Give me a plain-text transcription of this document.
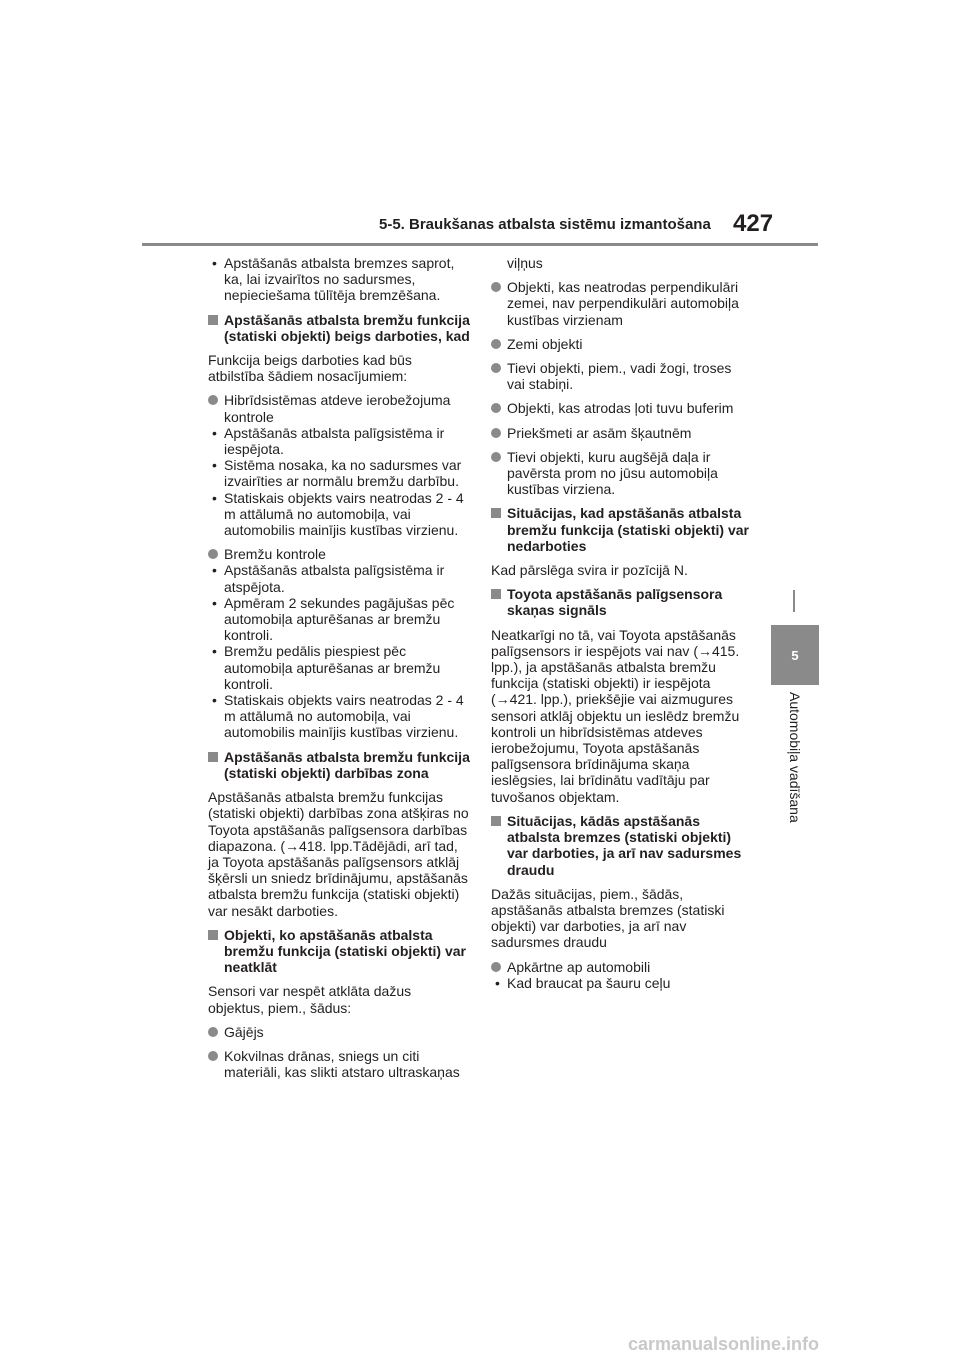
5-5. Braukšanas atbalsta sistēmu izmantošana 427
5
Automobiļa vadīšana
• Apstāšanās atbalsta bremzes saprot, ka, lai izvairītos no sadursmes, nepieciešama tūlītēja bremzēšana.
Apstāšanās atbalsta bremžu funkcija (statiski objekti) beigs darboties, kad

Funkcija beigs darboties kad būs atbilstība šādiem nosacījumiem:

Hibrīdsistēmas atdeve ierobežojuma kontrole
• Apstāšanās atbalsta palīgsistēma ir iespējota.
• Sistēma nosaka, ka no sadursmes var izvairīties ar normālu bremžu darbību.
• Statiskais objekts vairs neatrodas 2 - 4 m attālumā no automobiļa, vai automobilis mainījis kustības virzienu.
Bremžu kontrole
• Apstāšanās atbalsta palīgsistēma ir atspējota.
• Apmēram 2 sekundes pagājušas pēc automobiļa apturēšanas ar bremžu kontroli.
• Bremžu pedālis piespiest pēc automobiļa apturēšanas ar bremžu kontroli.
• Statiskais objekts vairs neatrodas 2 - 4 m attālumā no automobiļa, vai automobilis mainījis kustības virzienu.
Apstāšanās atbalsta bremžu funkcija (statiski objekti) darbības zona

Apstāšanās atbalsta bremžu funkcijas (statiski objekti) darbības zona atšķiras no Toyota apstāšanās palīgsensora darbības diapazona. (→418. lpp.Tādējādi, arī tad, ja Toyota apstāšanās palīgsensors atklāj šķērsli un sniedz brīdinājumu, apstāšanās atbalsta bremžu funkcija (statiski objekti) var nesākt darboties.

Objekti, ko apstāšanās atbalsta bremžu funkcija (statiski objekti) var neatklāt

Sensori var nespēt atklāta dažus objektus, piem., šādus:

Gājējs
Kokvilnas drānas, sniegs un citi materiāli, kas slikti atstaro ultraskaņas
viļņus
Objekti, kas neatrodas perpendikulāri zemei, nav perpendikulāri automobiļa kustības virzienam
Zemi objekti
Tievi objekti, piem., vadi žogi, troses vai stabiņi.
Objekti, kas atrodas ļoti tuvu buferim
Priekšmeti ar asām šķautnēm
Tievi objekti, kuru augšējā daļa ir pavērsta prom no jūsu automobiļa kustības virziena.
Situācijas, kad apstāšanās atbalsta bremžu funkcija (statiski objekti) var nedarboties

Kad pārslēga svira ir pozīcijā N.

Toyota apstāšanās palīgsensora skaņas signāls

Neatkarīgi no tā, vai Toyota apstāšanās palīgsensors ir iespējots vai nav (→415. lpp.), ja apstāšanās atbalsta bremžu funkcija (statiski objekti) ir iespējota (→421. lpp.), priekšējie vai aizmugures sensori atklāj objektu un ieslēdz bremžu kontroli un hibrīdsistēmas atdeves ierobežojumu, Toyota apstāšanās palīgsensora brīdinājuma skaņa ieslēgsies, lai brīdinātu vadītāju par tuvošanos objektam.

Situācijas, kādās apstāšanās atbalsta bremzes (statiski objekti) var darboties, ja arī nav sadursmes draudu

Dažās situācijas, piem., šādās, apstāšanās atbalsta bremzes (statiski objekti) var darboties, ja arī nav sadursmes draudu

Apkārtne ap automobili
• Kad braucat pa šauru ceļu
carmanualsonline.info
